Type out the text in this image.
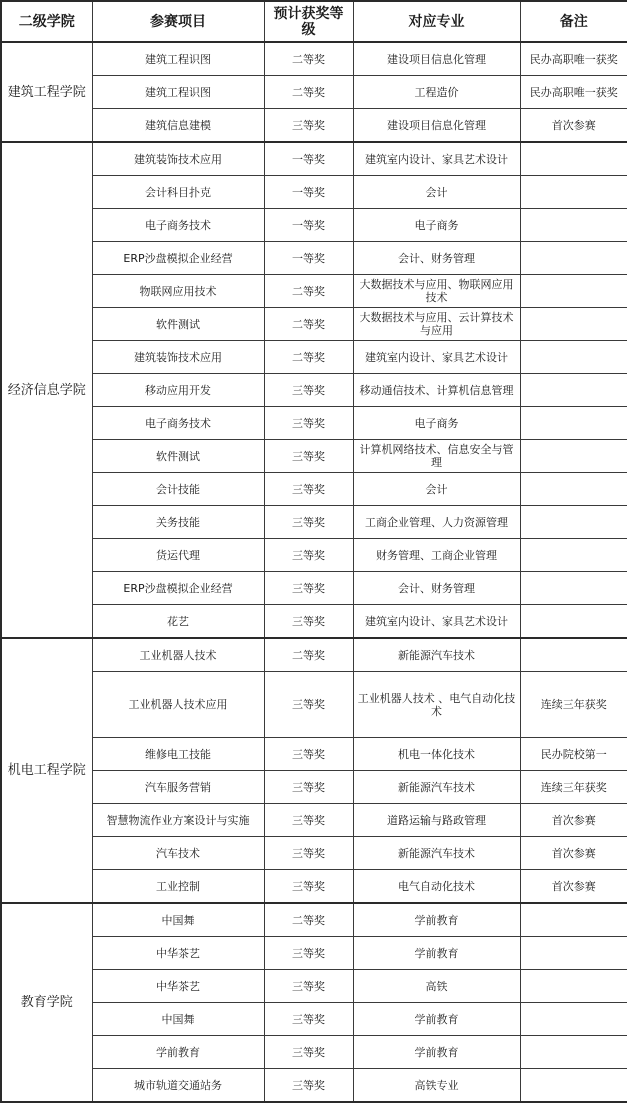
二级学院	参赛项目	预计获奖等级	对应专业	备注
建筑工程学院	建筑工程识图	二等奖	建设项目信息化管理	民办高职唯一获奖
	建筑工程识图	二等奖	工程造价	民办高职唯一获奖
	建筑信息建模	三等奖	建设项目信息化管理	首次参赛
经济信息学院	建筑装饰技术应用	一等奖	建筑室内设计、家具艺术设计	
	会计科目扑克	一等奖	会计	
	电子商务技术	一等奖	电子商务	
	ERP沙盘模拟企业经营	一等奖	会计、财务管理	
	物联网应用技术	二等奖	大数据技术与应用、物联网应用技术	
	软件测试	二等奖	大数据技术与应用、云计算技术与应用	
	建筑装饰技术应用	二等奖	建筑室内设计、家具艺术设计	
	移动应用开发	三等奖	移动通信技术、计算机信息管理	
	电子商务技术	三等奖	电子商务	
	软件测试	三等奖	计算机网络技术、信息安全与管理	
	会计技能	三等奖	会计	
	关务技能	三等奖	工商企业管理、人力资源管理	
	货运代理	三等奖	财务管理、工商企业管理	
	ERP沙盘模拟企业经营	三等奖	会计、财务管理	
	花艺	三等奖	建筑室内设计、家具艺术设计	
机电工程学院	工业机器人技术	二等奖	新能源汽车技术	
	工业机器人技术应用	三等奖	工业机器人技术 、电气自动化技术	连续三年获奖
	维修电工技能	三等奖	机电一体化技术	民办院校第一
	汽车服务营销	三等奖	新能源汽车技术	连续三年获奖
	智慧物流作业方案设计与实施	三等奖	道路运输与路政管理	首次参赛
	汽车技术	三等奖	新能源汽车技术	首次参赛
	工业控制	三等奖	电气自动化技术	首次参赛
教育学院	中国舞	二等奖	学前教育	
	中华茶艺	三等奖	学前教育	
	中华茶艺	三等奖	高铁	
	中国舞	三等奖	学前教育	
	学前教育	三等奖	学前教育	
	城市轨道交通站务	三等奖	高铁专业	
